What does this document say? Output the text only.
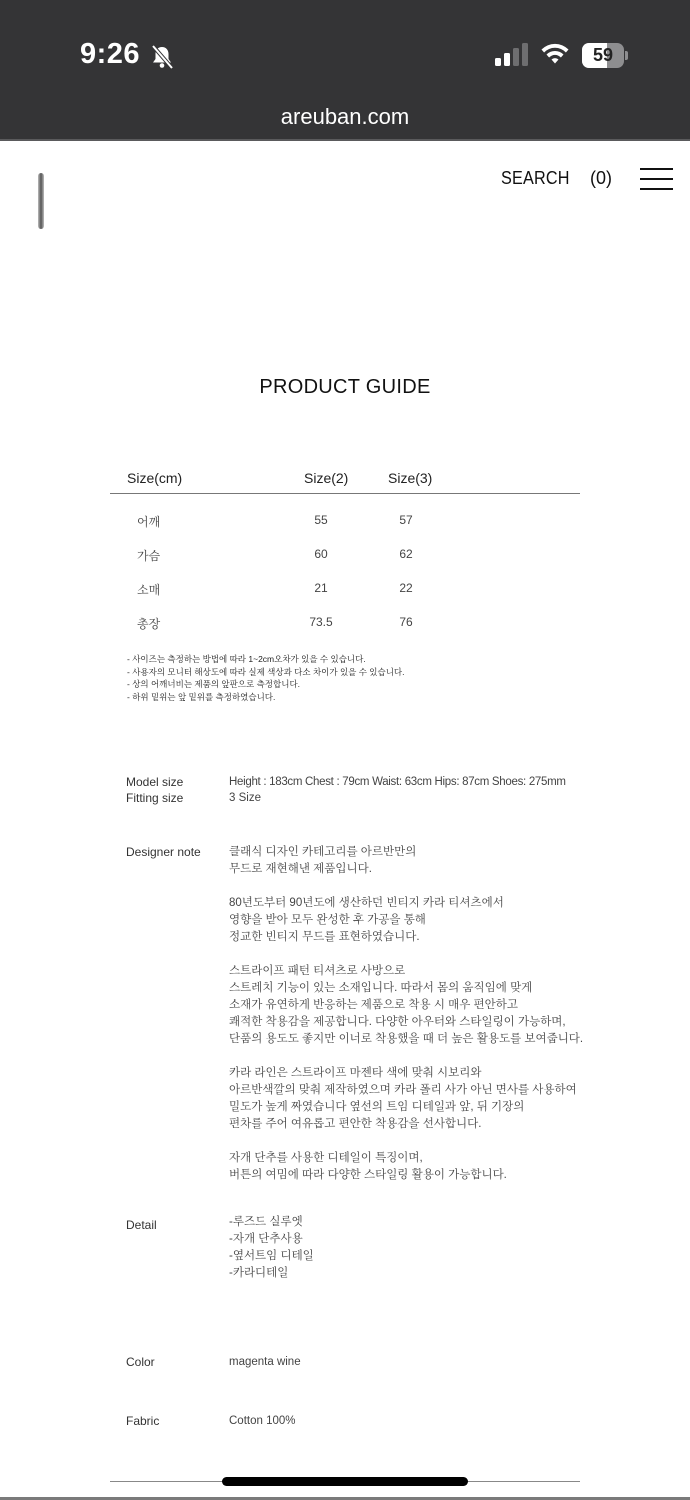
9:26	59
areuban.com
SEARCH (0)
PRODUCT GUIDE
Size(cm)	Size(2)	Size(3)
어깨	55	57
가슴	60	62
소매	21	22
총장	73.5	76
- 사이즈는 측정하는 방법에 따라 1~2cm오차가 있을 수 있습니다.
- 사용자의 모니터 해상도에 따라 실제 색상과 다소 차이가 있을 수 있습니다.
- 상의 어깨너비는 제품의 앞판으로 측정합니다.
- 하위 밑위는 앞 밑위를 측정하였습니다.
Model size	Height : 183cm Chest : 79cm Waist: 63cm Hips: 87cm Shoes: 275mm
Fitting size	3 Size
Designer note 클래식 디자인 카테고리를 아르반만의
무드로 재현해낸 제품입니다.
80년도부터 90년도에 생산하던 빈티지 카라 티셔츠에서
영향을 받아 모두 완성한 후 가공을 통해
정교한 빈티지 무드를 표현하였습니다.
스트라이프 패턴 티셔츠로 사방으로
스트레치 기능이 있는 소재입니다. 따라서 몸의 움직임에 맞게
소재가 유연하게 반응하는 제품으로 착용 시 매우 편안하고
쾌적한 착용감을 제공합니다. 다양한 아우터와 스타일링이 가능하며,
단품의 용도도 좋지만 이너로 착용했을 때 더 높은 활용도를 보여줍니다.
카라 라인은 스트라이프 마젠타 색에 맞춰 시보리와
아르반색깔의 맞춰 제작하였으며 카라 폴리 사가 아닌 면사를 사용하여
밀도가 높게 짜였습니다 옆선의 트임 디테일과 앞, 뒤 기장의
편차를 주어 여유롭고 편안한 착용감을 선사합니다.
자개 단추를 사용한 디테일이 특징이며,
버튼의 여밈에 따라 다양한 스타일링 활용이 가능합니다.
Detail	-루즈드 실루엣
-자개 단추사용
-옆서트임 디테일
-카라디테일
Color	magenta wine
Fabric	Cotton 100%
